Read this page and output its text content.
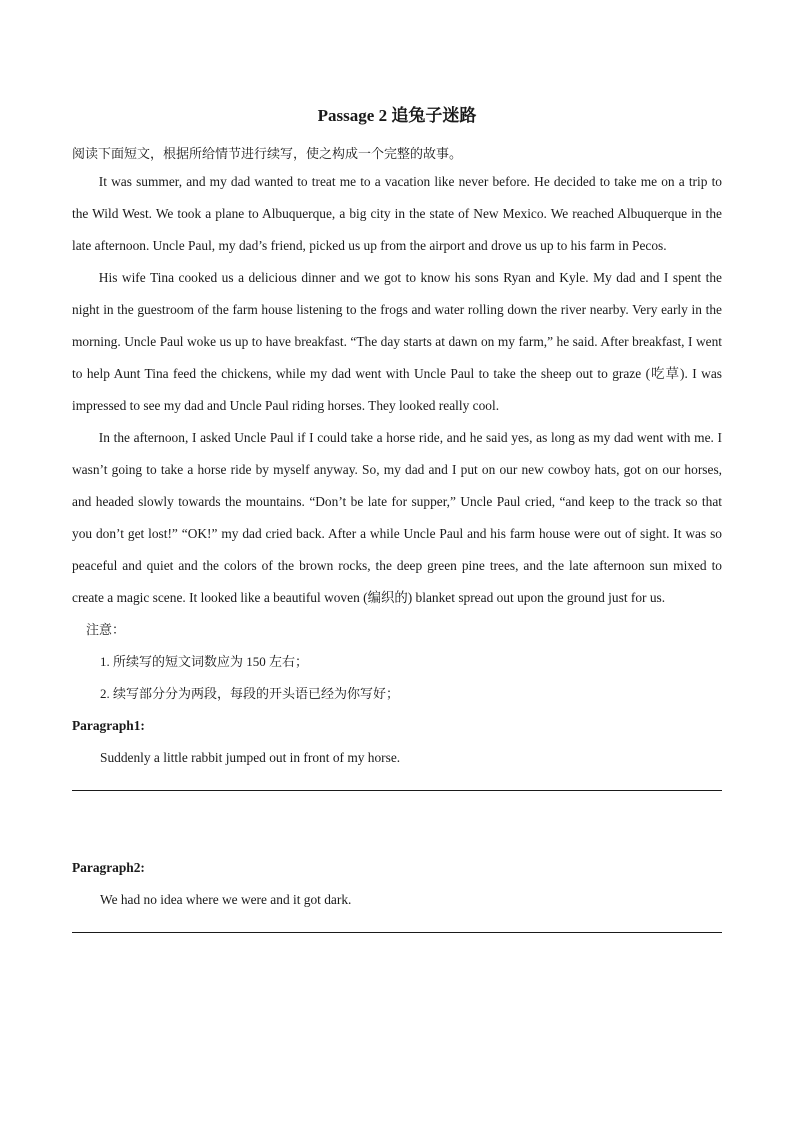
Passage 2 追兔子迷路
阅读下面短文，根据所给情节进行续写，使之构成一个完整的故事。

It was summer, and my dad wanted to treat me to a vacation like never before. He decided to take me on a trip to the Wild West. We took a plane to Albuquerque, a big city in the state of New Mexico. We reached Albuquerque in the late afternoon. Uncle Paul, my dad’s friend, picked us up from the airport and drove us up to his farm in Pecos.

His wife Tina cooked us a delicious dinner and we got to know his sons Ryan and Kyle. My dad and I spent the night in the guestroom of the farm house listening to the frogs and water rolling down the river nearby. Very early in the morning. Uncle Paul woke us up to have breakfast. “The day starts at dawn on my farm,” he said. After breakfast, I went to help Aunt Tina feed the chickens, while my dad went with Uncle Paul to take the sheep out to graze (吃草). I was impressed to see my dad and Uncle Paul riding horses. They looked really cool.

In the afternoon, I asked Uncle Paul if I could take a horse ride, and he said yes, as long as my dad went with me. I wasn’t going to take a horse ride by myself anyway. So, my dad and I put on our new cowboy hats, got on our horses, and headed slowly towards the mountains. “Don’t be late for supper,” Uncle Paul cried, “and keep to the track so that you don’t get lost!” “OK!” my dad cried back. After a while Uncle Paul and his farm house were out of sight. It was so peaceful and quiet and the colors of the brown rocks, the deep green pine trees, and the late afternoon sun mixed to create a magic scene. It looked like a beautiful woven (编织的) blanket spread out upon the ground just for us.

注意：
1. 所续写的短文词数应为 150 左右；
2. 续写部分分为两段，每段的开头语已经为你写好；

Paragraph1:

Suddenly a little rabbit jumped out in front of my horse.

Paragraph2:

We had no idea where we were and it got dark.
